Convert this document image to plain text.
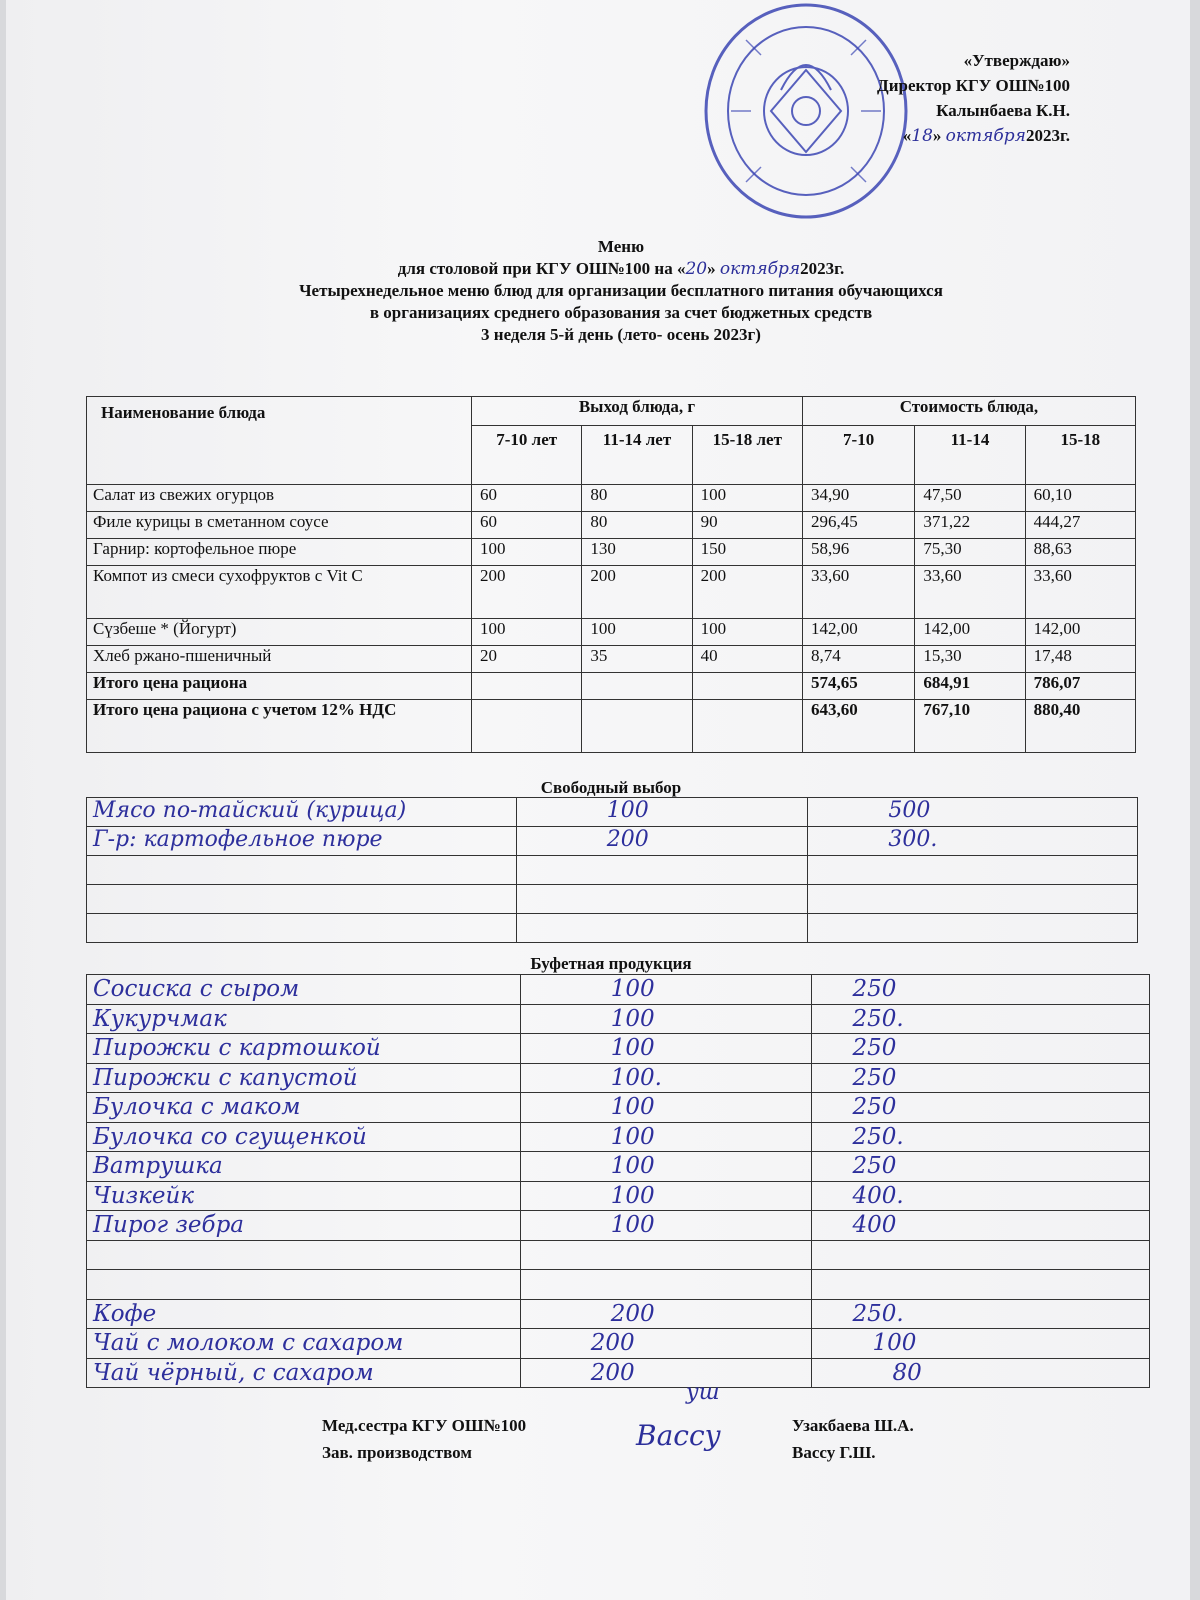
«Утверждаю»
Директор КГУ ОШ№100
Калынбаева К.Н.
«18» октября2023г.
Меню
для столовой при КГУ ОШ№100 на «20» октября2023г.
Четырехнедельное меню блюд для организации бесплатного питания обучающихся
в организациях среднего образования за счет бюджетных средств
3 неделя 5-й день (лето- осень 2023г)
Наименование блюда	Выход блюда, г			Стоимость блюда,		
	7-10 лет	11-14 лет	15-18 лет	7-10	11-14	15-18
Салат из свежих огурцов	60	80	100	34,90	47,50	60,10
Филе курицы в сметанном соусе	60	80	90	296,45	371,22	444,27
Гарнир: кортофельное пюре	100	130	150	58,96	75,30	88,63
Компот из смеси сухофруктов с Vit C	200	200	200	33,60	33,60	33,60
Сүзбеше * (Йогурт)	100	100	100	142,00	142,00	142,00
Хлеб ржано-пшеничный	20	35	40	8,74	15,30	17,48
Итого цена рациона				574,65	684,91	786,07
Итого цена рациона с учетом 12% НДС				643,60	767,10	880,40
Свободный выбор
Мясо по-тайский (курица)	100	500
Г-р: картофельное пюре	200	300.

Буфетная продукция
Сосиска с сыром	100	250
Кукурчмак	100	250.
Пирожки с картошкой	100	250
Пирожки с капустой	100.	250
Булочка с маком	100	250
Булочка со сгущенкой	100	250.
Ватрушка	100	250
Чизкейк	100	400.
Пирог зебра	100	400

Кофе	200	250.
Чай с молоком с сахаром	200	100
Чай чёрный, с сахаром	200	80
Мед.сестра КГУ ОШ№100
Зав. производством
Узакбаева Ш.А.
Вассу Г.Ш.
уш
Вассу
